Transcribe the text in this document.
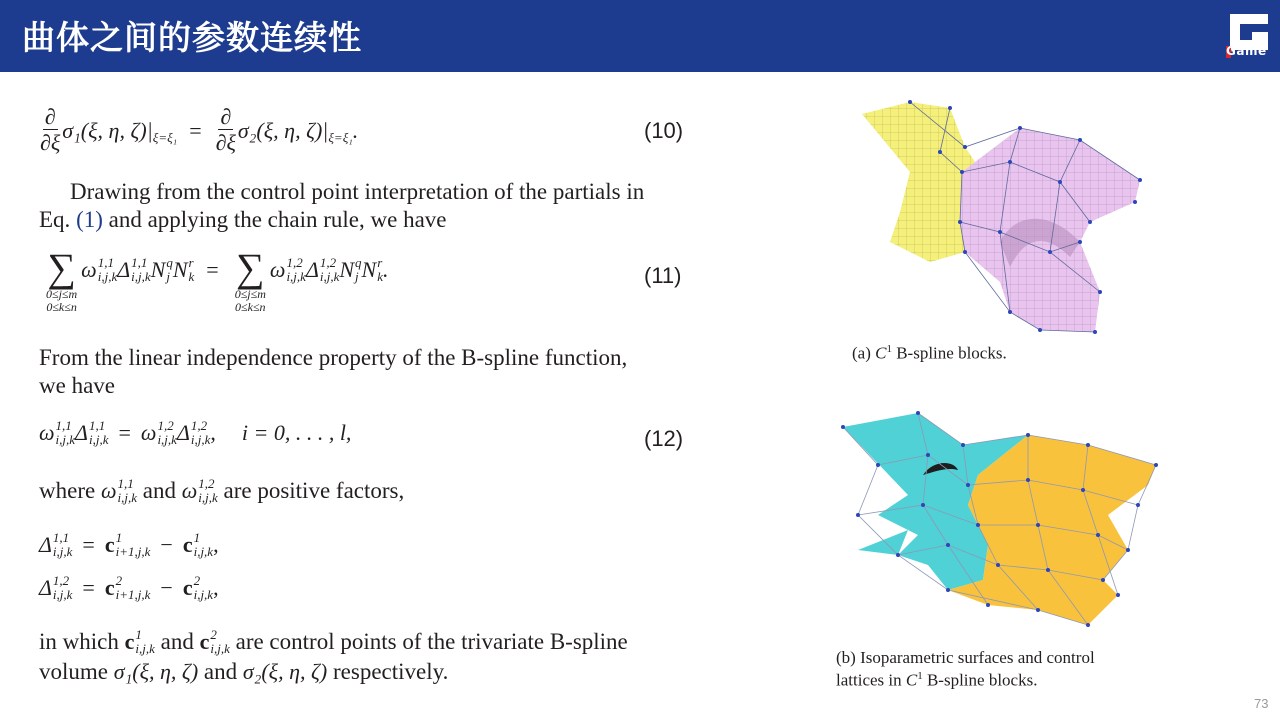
曲体之间的参数连续性	Game
$\frac{\partial}{\partial\xi} \sigma_1(\xi$, η, $\zeta)|_{\xi=\xi_1} = \frac{\partial}{\partial\xi} \sigma_2(\xi$, η, $\zeta)|_{\xi=\xi_1}$ .	(10)
Drawing from the control point interpretation of the partials in
Eq. (1) and applying the chain rule, we have
∑
0≤j≤m
0≤k≤n
ω 1,1
i,j,k Δ 1,1
i,j,k N q
j N r
k = ∑
0≤j≤m
0≤k≤n
ω 1,2
i,j,k Δ 1,2
i,j,k N q
j N r
k .	(11)
From the linear independence property of the B-spline function,
we have
ω 1,1
i,j,k Δ 1,1
i,j,k = ω 1,2
i,j,k Δ 1,2
i,j,k , i = 0, . . . , l,	(12)
where ω 1,1
i,j,k and ω 1,2
i,j,k are positive factors,
Δ 1,1
i,j,k = c 1
i+1,j,k − c 1
i,j,k ,
Δ 1,2
i,j,k = c 2
i+1,j,k − c 2
i,j,k ,
in which c 1
i,j,k and c 2
i,j,k are control points of the trivariate B-spline
volume σ₁(ξ, η, ζ) and σ₂(ξ, η, ζ) respectively.
(a) $C^1$ B-spline blocks.
(b) Isoparametric surfaces and control
lattices in $C^1$ B-spline blocks.
73
